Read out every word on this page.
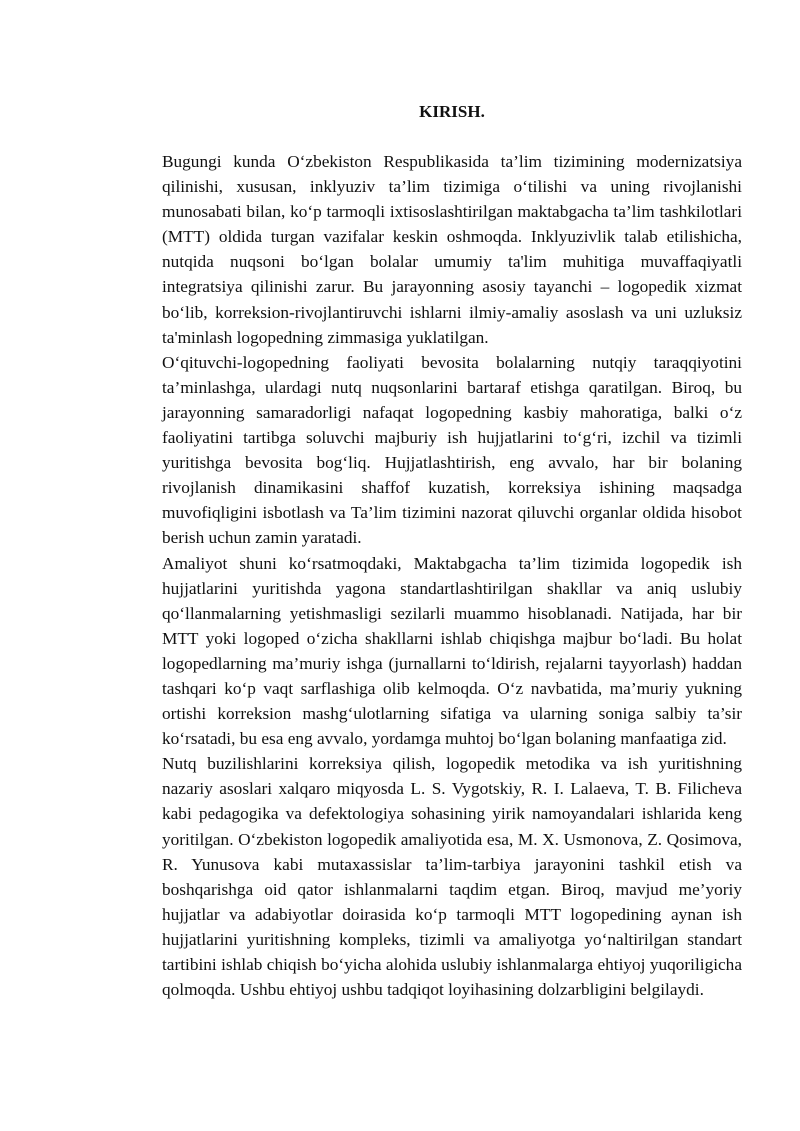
KIRISH.

Bugungi kunda O‘zbekiston Respublikasida ta’lim tizimining modernizatsiya qilinishi, xususan, inklyuziv ta’lim tizimiga o‘tilishi va uning rivojlanishi munosabati bilan, ko‘p tarmoqli ixtisoslashtirilgan maktabgacha ta’lim tashkilotlari (MTT) oldida turgan vazifalar keskin oshmoqda. Inklyuzivlik talab etilishicha, nutqida nuqsoni bo‘lgan bolalar umumiy ta'lim muhitiga muvaffaqiyatli integratsiya qilinishi zarur. Bu jarayonning asosiy tayanchi – logopedik xizmat bo‘lib, korreksion-rivojlantiruvchi ishlarni ilmiy-amaliy asoslash va uni uzluksiz ta'minlash logopedning zimmasiga yuklatilgan.

O‘qituvchi-logopedning faoliyati bevosita bolalarning nutqiy taraqqiyotini ta’minlashga, ulardagi nutq nuqsonlarini bartaraf etishga qaratilgan. Biroq, bu jarayonning samaradorligi nafaqat logopedning kasbiy mahoratiga, balki o‘z faoliyatini tartibga soluvchi majburiy ish hujjatlarini to‘g‘ri, izchil va tizimli yuritishga bevosita bog‘liq. Hujjatlashtirish, eng avvalo, har bir bolaning rivojlanish dinamikasini shaffof kuzatish, korreksiya ishining maqsadga muvofiqligini isbotlash va Ta’lim tizimini nazorat qiluvchi organlar oldida hisobot berish uchun zamin yaratadi.

Amaliyot shuni ko‘rsatmoqdaki, Maktabgacha ta’lim tizimida logopedik ish hujjatlarini yuritishda yagona standartlashtirilgan shakllar va aniq uslubiy qo‘llanmalarning yetishmasligi sezilarli muammo hisoblanadi. Natijada, har bir MTT yoki logoped o‘zicha shakllarni ishlab chiqishga majbur bo‘ladi. Bu holat logopedlarning ma’muriy ishga (jurnallarni to‘ldirish, rejalarni tayyorlash) haddan tashqari ko‘p vaqt sarflashiga olib kelmoqda. O‘z navbatida, ma’muriy yukning ortishi korreksion mashg‘ulotlarning sifatiga va ularning soniga salbiy ta’sir ko‘rsatadi, bu esa eng avvalo, yordamga muhtoj bo‘lgan bolaning manfaatiga zid.

Nutq buzilishlarini korreksiya qilish, logopedik metodika va ish yuritishning nazariy asoslari xalqaro miqyosda L. S. Vygotskiy, R. I. Lalaeva, T. B. Filicheva kabi pedagogika va defektologiya sohasining yirik namoyandalari ishlarida keng yoritilgan. O‘zbekiston logopedik amaliyotida esa, M. X. Usmonova, Z. Qosimova, R. Yunusova kabi mutaxassislar ta’lim-tarbiya jarayonini tashkil etish va boshqarishga oid qator ishlanmalarni taqdim etgan. Biroq, mavjud me’yoriy hujjatlar va adabiyotlar doirasida ko‘p tarmoqli MTT logopedining aynan ish hujjatlarini yuritishning kompleks, tizimli va amaliyotga yo‘naltirilgan standart tartibini ishlab chiqish bo‘yicha alohida uslubiy ishlanmalarga ehtiyoj yuqoriligicha qolmoqda. Ushbu ehtiyoj ushbu tadqiqot loyihasining dolzarbligini belgilaydi.
